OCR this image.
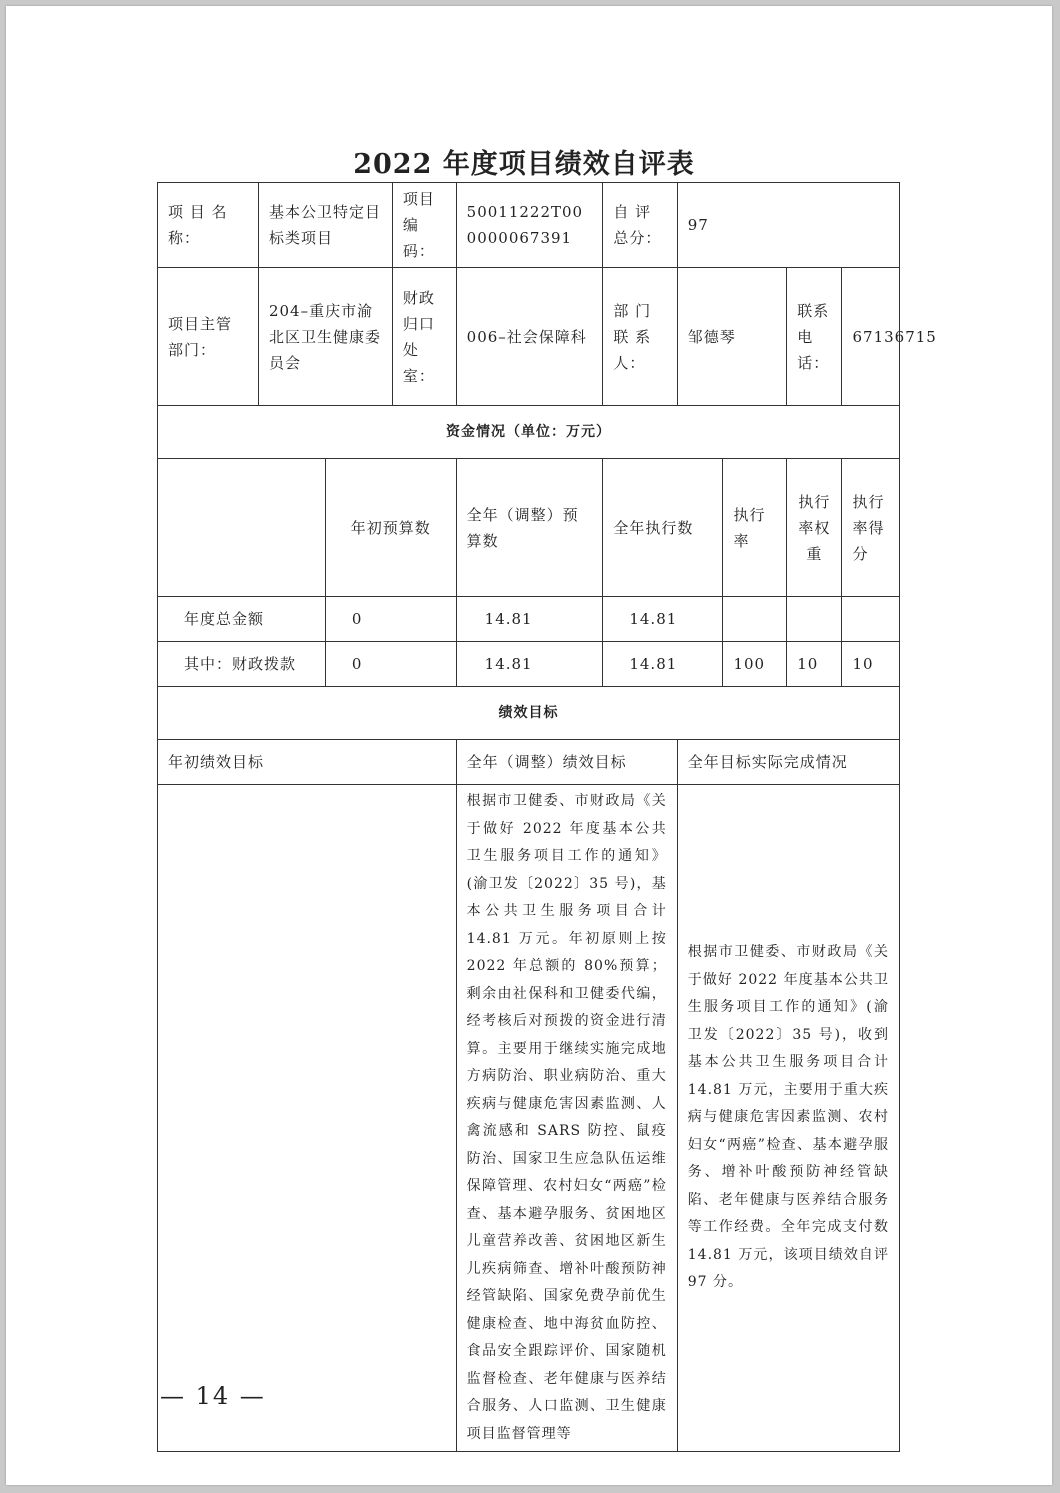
2022 年度项目绩效自评表
项 目 名称：	基本公卫特定目标类项目		项目编码：	50011222T000000067391	自 评总分：	97			
项目主管部门：	204–重庆市渝北区卫生健康委员会		财政归口处室：	006–社会保障科	部 门 联 系人：	邹德琴		联系电话：	67136715
资金情况（单位：万元）									
		年初预算数		全年（调整）预算数	全年执行数		执行率	执行率权重	执行率得分
年度总金额		0		14.81	14.81				
其中：财政拨款		0		14.81	14.81		100	10	10
绩效目标									
年初绩效目标				全年（调整）绩效目标		全年目标实际完成情况			
				根据市卫健委、市财政局《关于做好 2022 年度基本公共卫生服务项目工作的通知》(渝卫发〔2022〕35 号)，基本公共卫生服务项目合计 14.81 万元。年初原则上按 2022 年总额的 80%预算；剩余由社保科和卫健委代编，经考核后对预拨的资金进行清算。主要用于继续实施完成地方病防治、职业病防治、重大疾病与健康危害因素监测、人禽流感和 SARS 防控、鼠疫防治、国家卫生应急队伍运维保障管理、农村妇女“两癌”检查、基本避孕服务、贫困地区儿童营养改善、贫困地区新生儿疾病筛查、增补叶酸预防神经管缺陷、国家免费孕前优生健康检查、地中海贫血防控、食品安全跟踪评价、国家随机监督检查、老年健康与医养结合服务、人口监测、卫生健康项目监督管理等		根据市卫健委、市财政局《关于做好 2022 年度基本公共卫生服务项目工作的通知》(渝卫发〔2022〕35 号)，收到基本公共卫生服务项目合计 14.81 万元，主要用于重大疾病与健康危害因素监测、农村妇女“两癌”检查、基本避孕服务、增补叶酸预防神经管缺陷、老年健康与医养结合服务等工作经费。全年完成支付数 14.81 万元，该项目绩效自评 97 分。			
— 14 —
